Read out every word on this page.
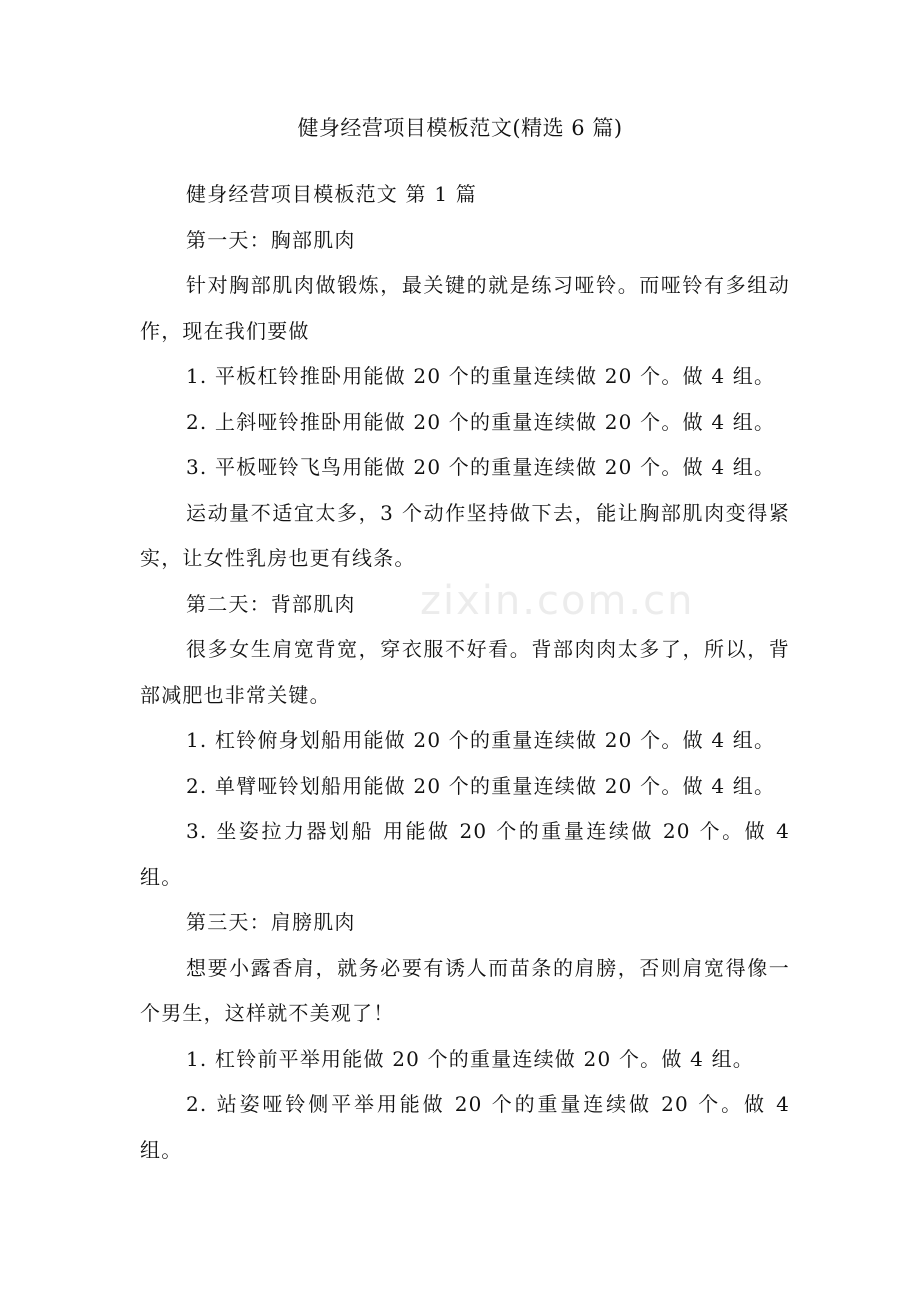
健身经营项目模板范文(精选 6 篇)
zixin.com.cn

健身经营项目模板范文 第 1 篇

第一天：胸部肌肉

针对胸部肌肉做锻炼，最关键的就是练习哑铃。而哑铃有多组动作，现在我们要做

1. 平板杠铃推卧用能做 20 个的重量连续做 20 个。做 4 组。

2. 上斜哑铃推卧用能做 20 个的重量连续做 20 个。做 4 组。

3. 平板哑铃飞鸟用能做 20 个的重量连续做 20 个。做 4 组。

运动量不适宜太多，3 个动作坚持做下去，能让胸部肌肉变得紧实，让女性乳房也更有线条。

第二天：背部肌肉

很多女生肩宽背宽，穿衣服不好看。背部肉肉太多了，所以，背部减肥也非常关键。

1. 杠铃俯身划船用能做 20 个的重量连续做 20 个。做 4 组。

2. 单臂哑铃划船用能做 20 个的重量连续做 20 个。做 4 组。

3. 坐姿拉力器划船 用能做 20 个的重量连续做 20 个。做 4 组。

第三天：肩膀肌肉

想要小露香肩，就务必要有诱人而苗条的肩膀，否则肩宽得像一个男生，这样就不美观了！

1. 杠铃前平举用能做 20 个的重量连续做 20 个。做 4 组。

2. 站姿哑铃侧平举用能做 20 个的重量连续做 20 个。做 4 组。
